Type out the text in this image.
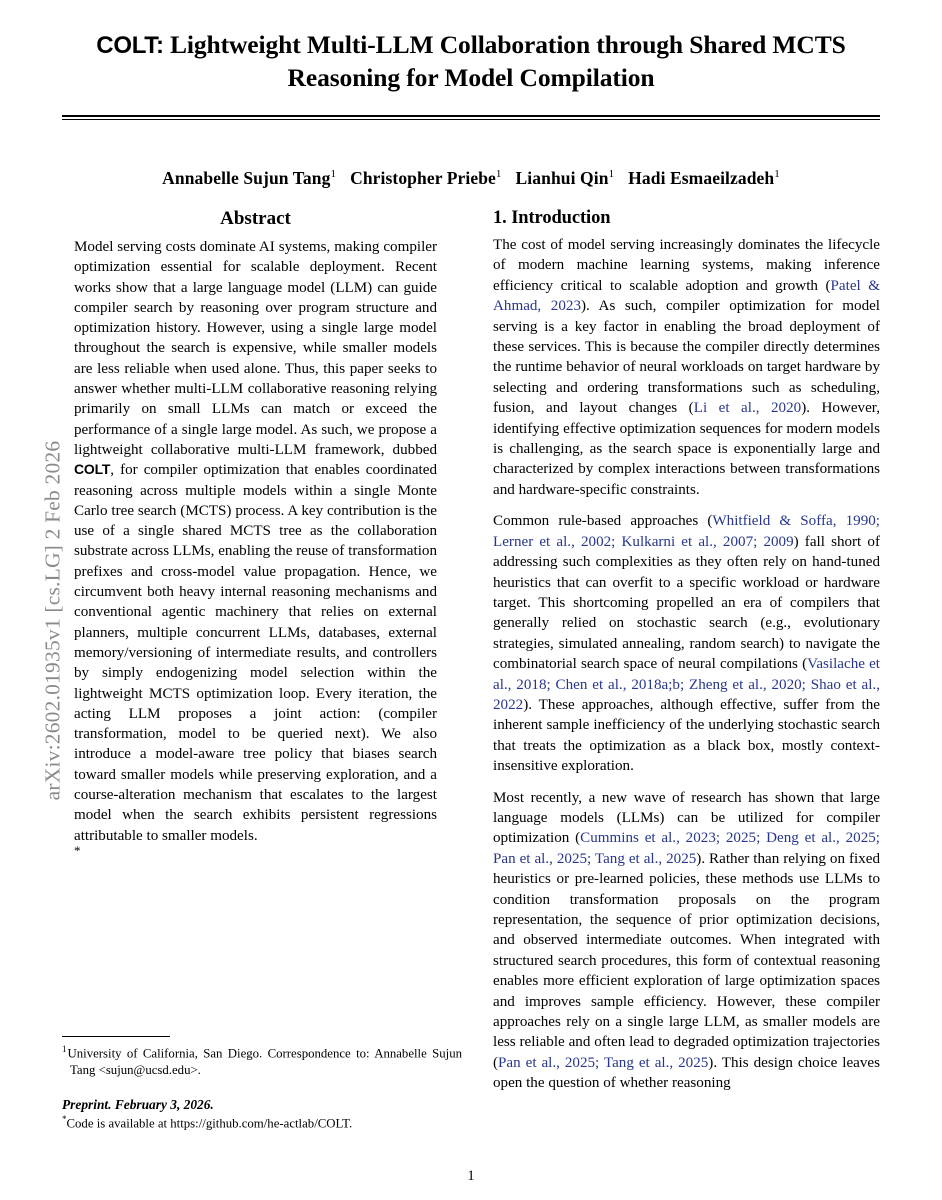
arXiv:2602.01935v1 [cs.LG] 2 Feb 2026
COLT: Lightweight Multi-LLM Collaboration through Shared MCTS Reasoning for Model Compilation
Annabelle Sujun Tang$^1$ Christopher Priebe$^1$ Lianhui Qin$^1$ Hadi Esmaeilzadeh$^1$
Abstract

Model serving costs dominate AI systems, making compiler optimization essential for scalable deployment. Recent works show that a large language model (LLM) can guide compiler search by reasoning over program structure and optimization history. However, using a single large model throughout the search is expensive, while smaller models are less reliable when used alone. Thus, this paper seeks to answer whether multi-LLM collaborative reasoning relying primarily on small LLMs can match or exceed the performance of a single large model. As such, we propose a lightweight collaborative multi-LLM framework, dubbed COLT, for compiler optimization that enables coordinated reasoning across multiple models within a single Monte Carlo tree search (MCTS) process. A key contribution is the use of a single shared MCTS tree as the collaboration substrate across LLMs, enabling the reuse of transformation prefixes and cross-model value propagation. Hence, we circumvent both heavy internal reasoning mechanisms and conventional agentic machinery that relies on external planners, multiple concurrent LLMs, databases, external memory/versioning of intermediate results, and controllers by simply endogenizing model selection within the lightweight MCTS optimization loop. Every iteration, the acting LLM proposes a joint action: (compiler transformation, model to be queried next). We also introduce a model-aware tree policy that biases search toward smaller models while preserving exploration, and a course-alteration mechanism that escalates to the largest model when the search exhibits persistent regressions attributable to smaller models.

*

1. Introduction

The cost of model serving increasingly dominates the lifecycle of modern machine learning systems, making inference efficiency critical to scalable adoption and growth (Patel & Ahmad, 2023). As such, compiler optimization for model serving is a key factor in enabling the broad deployment of these services. This is because the compiler directly determines the runtime behavior of neural workloads on target hardware by selecting and ordering transformations such as scheduling, fusion, and layout changes (Li et al., 2020). However, identifying effective optimization sequences for modern models is challenging, as the search space is exponentially large and characterized by complex interactions between transformations and hardware-specific constraints.

Common rule-based approaches (Whitfield & Soffa, 1990; Lerner et al., 2002; Kulkarni et al., 2007; 2009) fall short of addressing such complexities as they often rely on hand-tuned heuristics that can overfit to a specific workload or hardware target. This shortcoming propelled an era of compilers that generally relied on stochastic search (e.g., evolutionary strategies, simulated annealing, random search) to navigate the combinatorial search space of neural compilations (Vasilache et al., 2018; Chen et al., 2018a;b; Zheng et al., 2020; Shao et al., 2022). These approaches, although effective, suffer from the inherent sample inefficiency of the underlying stochastic search that treats the optimization as a black box, mostly context-insensitive exploration.

Most recently, a new wave of research has shown that large language models (LLMs) can be utilized for compiler optimization (Cummins et al., 2023; 2025; Deng et al., 2025; Pan et al., 2025; Tang et al., 2025). Rather than relying on fixed heuristics or pre-learned policies, these methods use LLMs to condition transformation proposals on the program representation, the sequence of prior optimization decisions, and observed intermediate outcomes. When integrated with structured search procedures, this form of contextual reasoning enables more efficient exploration of large optimization spaces and improves sample efficiency. However, these compiler approaches rely on a single large LLM, as smaller models are less reliable and often lead to degraded optimization trajectories (Pan et al., 2025; Tang et al., 2025). This design choice leaves open the question of whether reasoning

$^1$University of California, San Diego. Correspondence to: Annabelle Sujun Tang <sujun@ucsd.edu>.

Preprint. February 3, 2026.

*Code is available at https://github.com/he-actlab/COLT.

1
